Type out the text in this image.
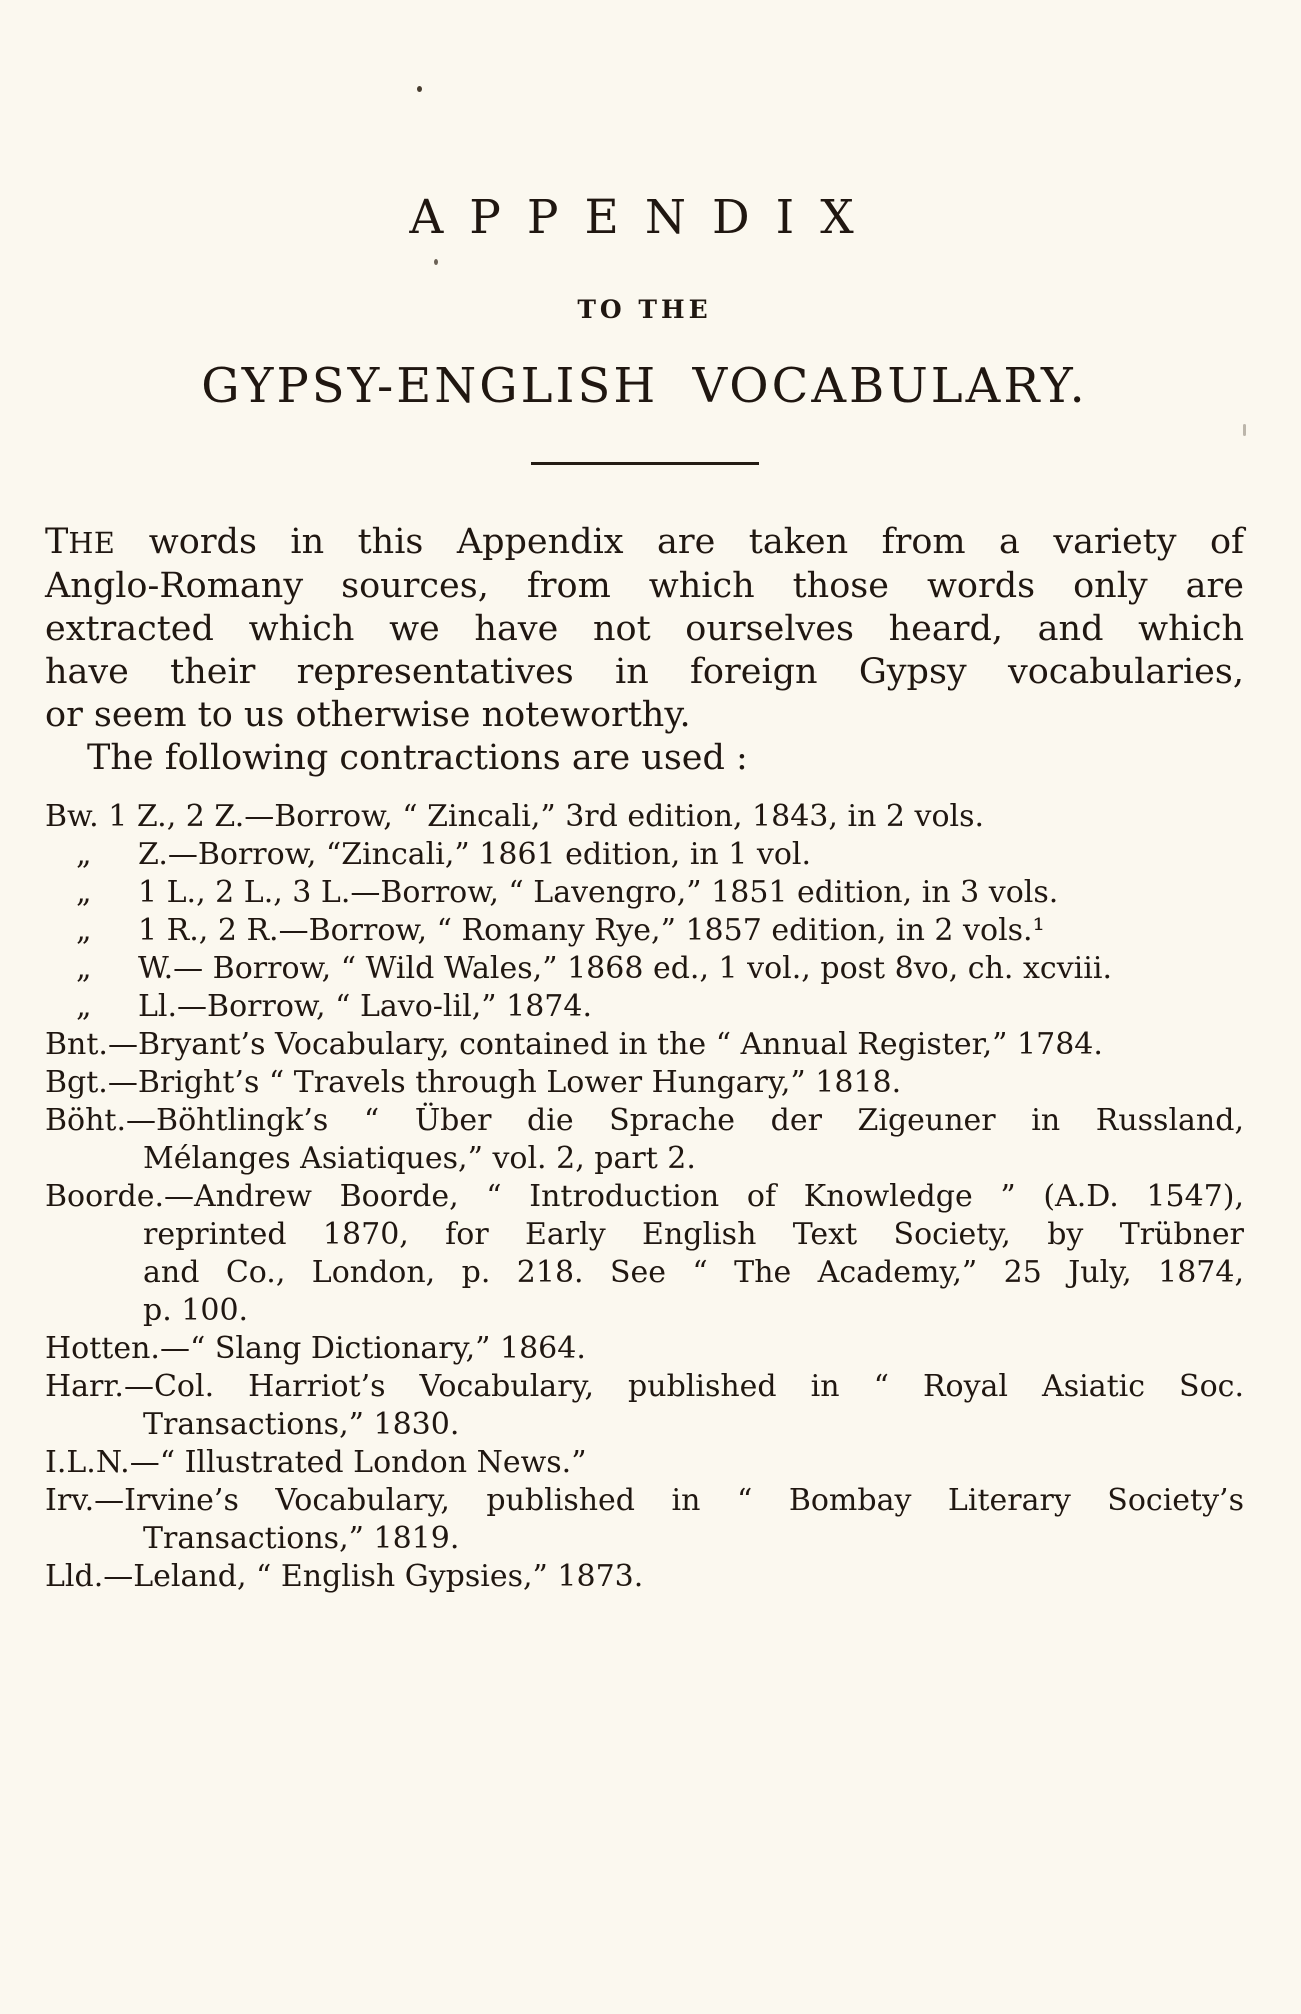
APPENDIX
TO THE
GYPSY-ENGLISH VOCABULARY.
THE words in this Appendix are taken from a variety of
Anglo-Romany sources, from which those words only are
extracted which we have not ourselves heard, and which
have their representatives in foreign Gypsy vocabularies,
or seem to us otherwise noteworthy.
The following contractions are used :
Bw. 1 Z., 2 Z.—Borrow, “ Zincali,” 3rd edition, 1843, in 2 vols.
„ Z.—Borrow, “Zincali,” 1861 edition, in 1 vol.
„ 1 L., 2 L., 3 L.—Borrow, “ Lavengro,” 1851 edition, in 3 vols.
„ 1 R., 2 R.—Borrow, “ Romany Rye,” 1857 edition, in 2 vols.¹
„ W.— Borrow, “ Wild Wales,” 1868 ed., 1 vol., post 8vo, ch. xcviii.
„ Ll.—Borrow, “ Lavo-lil,” 1874.
Bnt.—Bryant’s Vocabulary, contained in the “ Annual Register,” 1784.
Bgt.—Bright’s “ Travels through Lower Hungary,” 1818.
Böht.—Böhtlingk’s “ Über die Sprache der Zigeuner in Russland,
Mélanges Asiatiques,” vol. 2, part 2.
Boorde.—Andrew Boorde, “ Introduction of Knowledge ” (A.D. 1547),
reprinted 1870, for Early English Text Society, by Trübner
and Co., London, p. 218. See “ The Academy,” 25 July, 1874,
p. 100.
Hotten.—“ Slang Dictionary,” 1864.
Harr.—Col. Harriot’s Vocabulary, published in “ Royal Asiatic Soc.
Transactions,” 1830.
I.L.N.—“ Illustrated London News.”
Irv.—Irvine’s Vocabulary, published in “ Bombay Literary Society’s
Transactions,” 1819.
Lld.—Leland, “ English Gypsies,” 1873.
